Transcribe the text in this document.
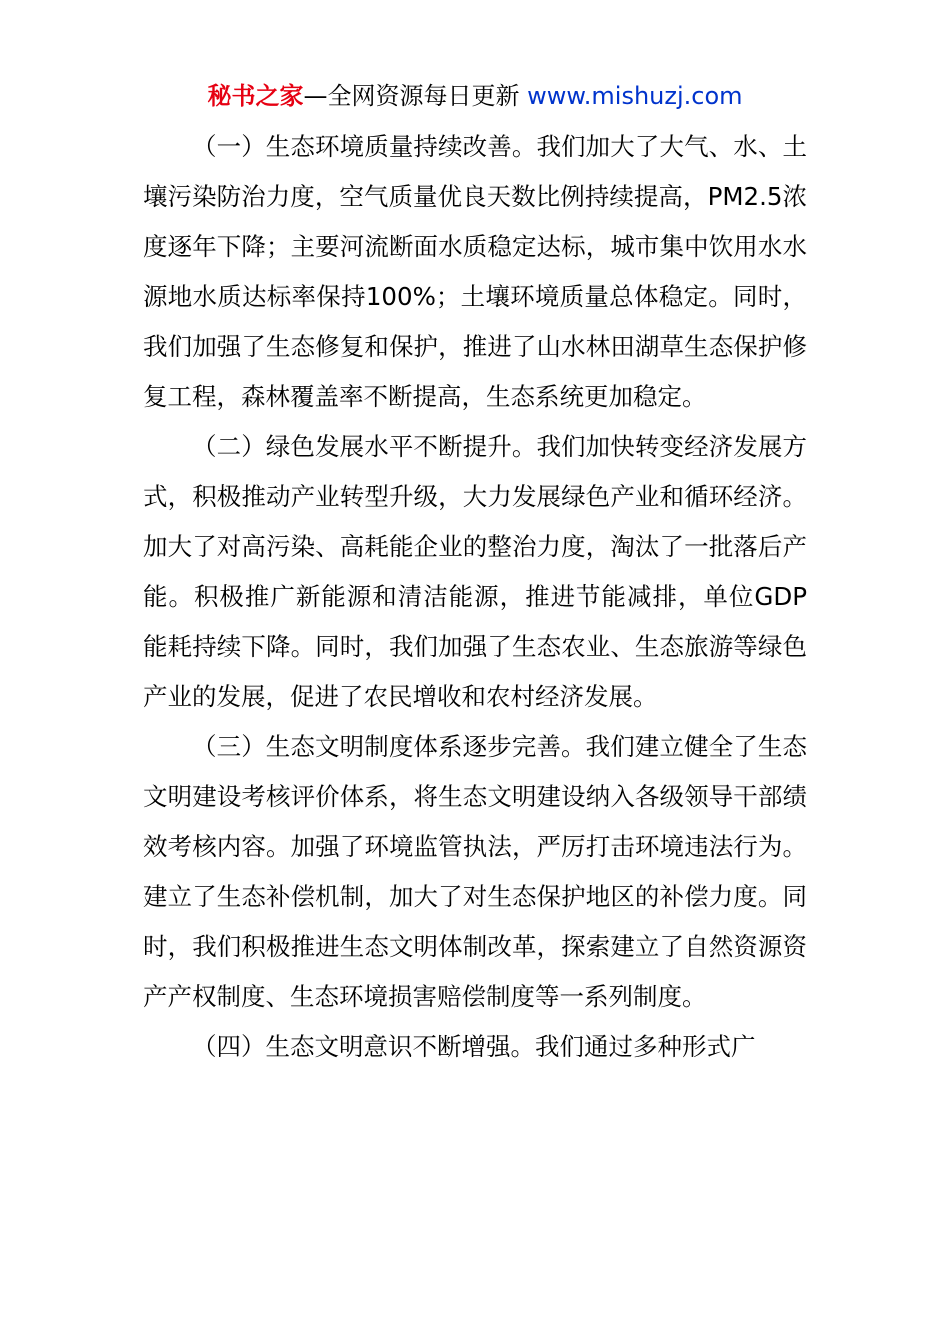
秘书之家—全网资源每日更新 www.mishuzj.com

（一）生态环境质量持续改善。我们加大了大气、水、土壤污染防治力度，空气质量优良天数比例持续提高，PM2.5浓度逐年下降；主要河流断面水质稳定达标，城市集中饮用水水源地水质达标率保持100%；土壤环境质量总体稳定。同时，我们加强了生态修复和保护，推进了山水林田湖草生态保护修复工程，森林覆盖率不断提高，生态系统更加稳定。

（二）绿色发展水平不断提升。我们加快转变经济发展方式，积极推动产业转型升级，大力发展绿色产业和循环经济。加大了对高污染、高耗能企业的整治力度，淘汰了一批落后产能。积极推广新能源和清洁能源，推进节能减排，单位GDP能耗持续下降。同时，我们加强了生态农业、生态旅游等绿色产业的发展，促进了农民增收和农村经济发展。

（三）生态文明制度体系逐步完善。我们建立健全了生态文明建设考核评价体系，将生态文明建设纳入各级领导干部绩效考核内容。加强了环境监管执法，严厉打击环境违法行为。建立了生态补偿机制，加大了对生态保护地区的补偿力度。同时，我们积极推进生态文明体制改革，探索建立了自然资源资产产权制度、生态环境损害赔偿制度等一系列制度。

（四）生态文明意识不断增强。我们通过多种形式广
